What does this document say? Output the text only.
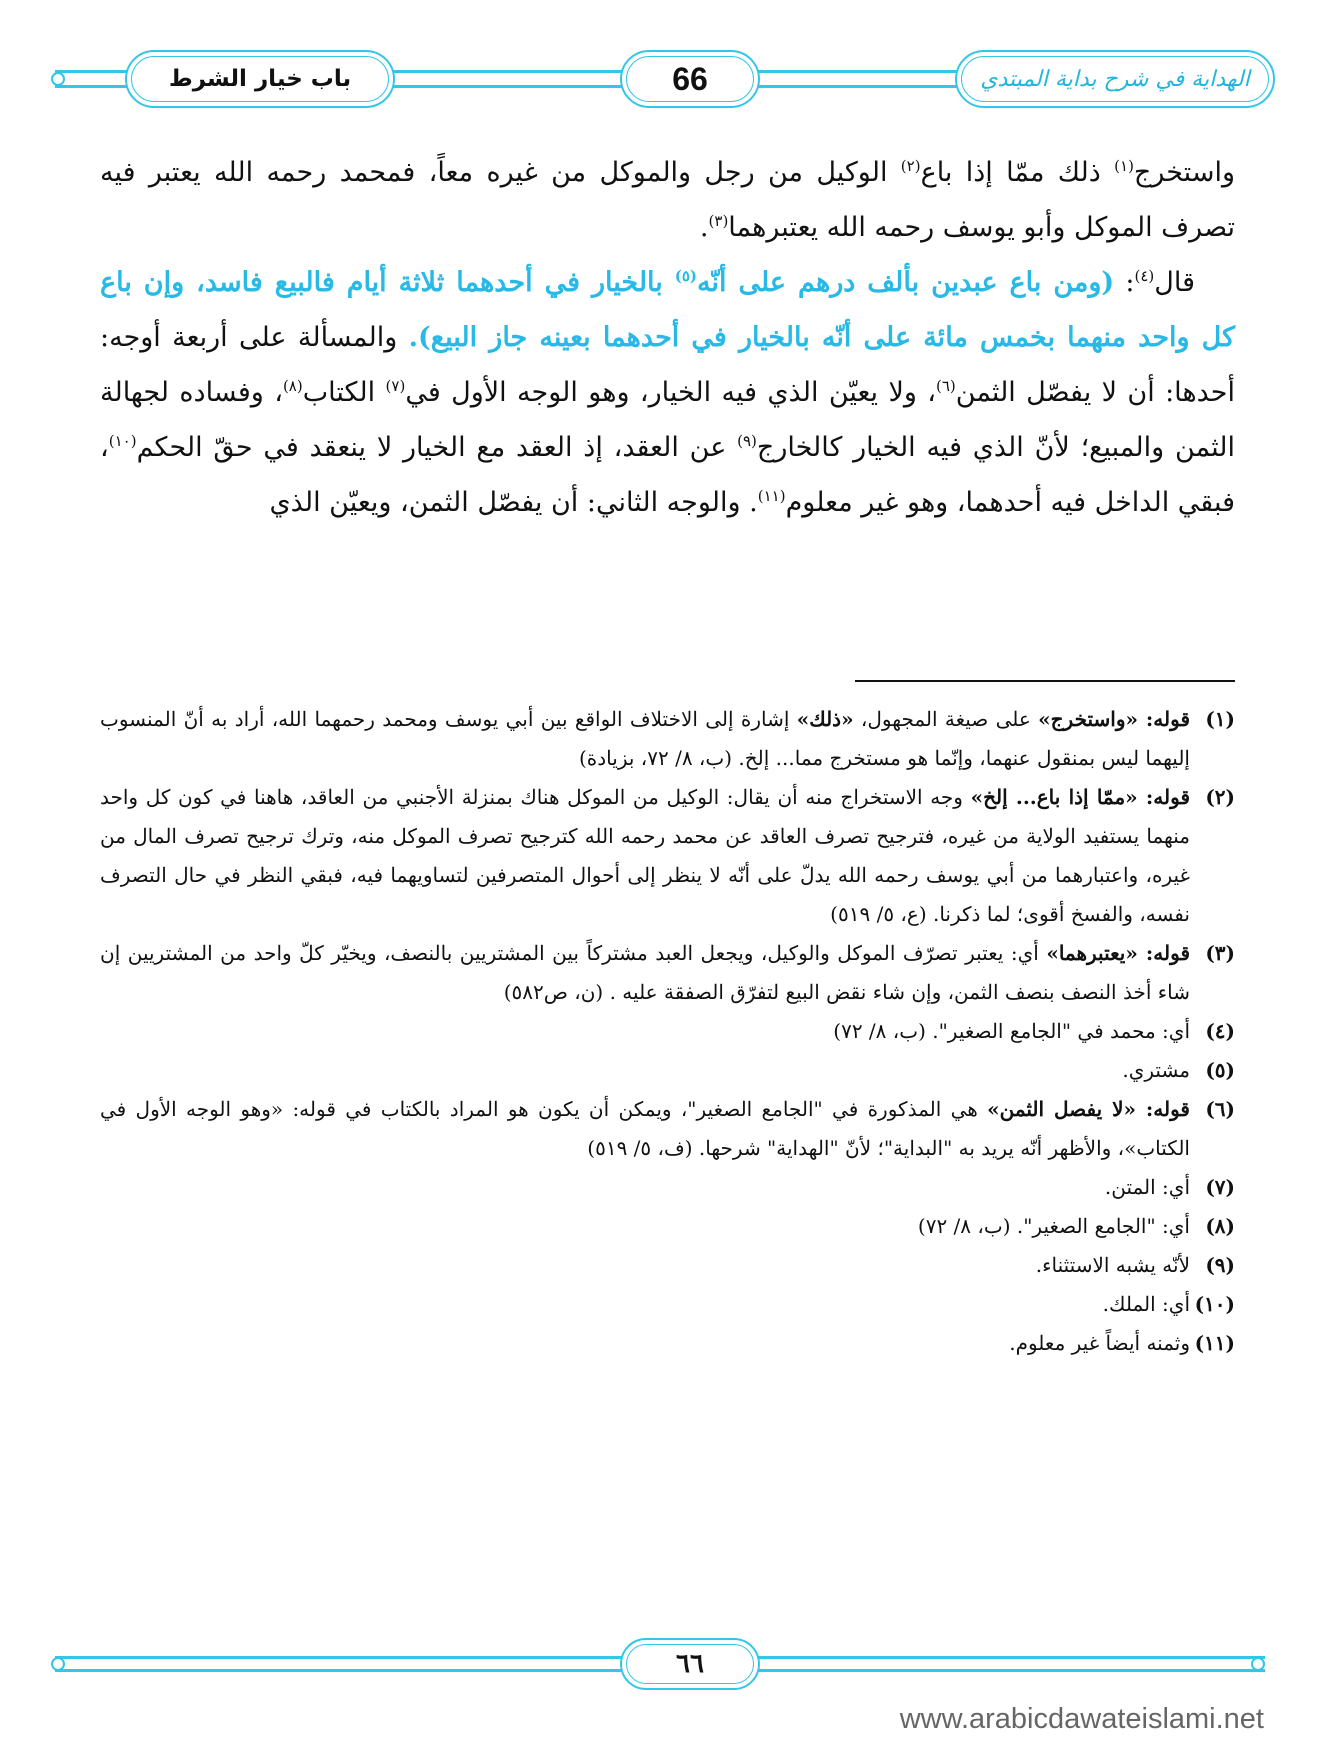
باب خيار الشرط	66	الهداية في شرح بداية المبتدي

واستخرج$^{(١)}$ ذلك ممّا إذا باع$^{(٢)}$ الوكيل من رجل والموكل من غيره معاً، فمحمد رحمه الله يعتبر فيه تصرف الموكل وأبو يوسف رحمه الله يعتبرهما$^{(٣)}$.

قال$^{(٤)}$: (ومن باع عبدين بألف درهم على أنّه$^{(٥)}$ بالخيار في أحدهما ثلاثة أيام فالبيع فاسد، وإن باع كل واحد منهما بخمس مائة على أنّه بالخيار في أحدهما بعينه جاز البيع). والمسألة على أربعة أوجه: أحدها: أن لا يفصّل الثمن$^{(٦)}$، ولا يعيّن الذي فيه الخيار، وهو الوجه الأول في$^{(٧)}$ الكتاب$^{(٨)}$، وفساده لجهالة الثمن والمبيع؛ لأنّ الذي فيه الخيار كالخارج$^{(٩)}$ عن العقد، إذ العقد مع الخيار لا ينعقد في حقّ الحكم$^{(١٠)}$، فبقي الداخل فيه أحدهما، وهو غير معلوم$^{(١١)}$. والوجه الثاني: أن يفصّل الثمن، ويعيّن الذي

(١)
قوله: «واستخرج» على صيغة المجهول، «ذلك» إشارة إلى الاختلاف الواقع بين أبي يوسف ومحمد رحمهما الله، أراد به أنّ المنسوب إليهما ليس بمنقول عنهما، وإنّما هو مستخرج مما... إلخ. (ب، ٨/ ٧٢، بزيادة)

(٢)
قوله: «ممّا إذا باع... إلخ» وجه الاستخراج منه أن يقال: الوكيل من الموكل هناك بمنزلة الأجنبي من العاقد، هاهنا في كون كل واحد منهما يستفيد الولاية من غيره، فترجيح تصرف العاقد عن محمد رحمه الله كترجيح تصرف الموكل منه، وترك ترجيح تصرف المال من غيره، واعتبارهما من أبي يوسف رحمه الله يدلّ على أنّه لا ينظر إلى أحوال المتصرفين لتساويهما فيه، فبقي النظر في حال التصرف نفسه، والفسخ أقوى؛ لما ذكرنا. (ع، ٥/ ٥١٩)

(٣)
قوله: «يعتبرهما» أي: يعتبر تصرّف الموكل والوكيل، ويجعل العبد مشتركاً بين المشتريين بالنصف، ويخيّر كلّ واحد من المشتريين إن شاء أخذ النصف بنصف الثمن، وإن شاء نقض البيع لتفرّق الصفقة عليه . (ن، ص٥٨٢)

(٤)
أي: محمد في "الجامع الصغير". (ب، ٨/ ٧٢)

(٥)
مشتري.

(٦)
قوله: «لا يفصل الثمن» هي المذكورة في "الجامع الصغير"، ويمكن أن يكون هو المراد بالكتاب في قوله: «وهو الوجه الأول في الكتاب»، والأظهر أنّه يريد به "البداية"؛ لأنّ "الهداية" شرحها. (ف، ٥/ ٥١٩)

(٧)
أي: المتن.

(٨)
أي: "الجامع الصغير". (ب، ٨/ ٧٢)

(٩)
لأنّه يشبه الاستثناء.

(١٠)
أي: الملك.

(١١)
وثمنه أيضاً غير معلوم.

٦٦
www.arabicdawateislami.net
